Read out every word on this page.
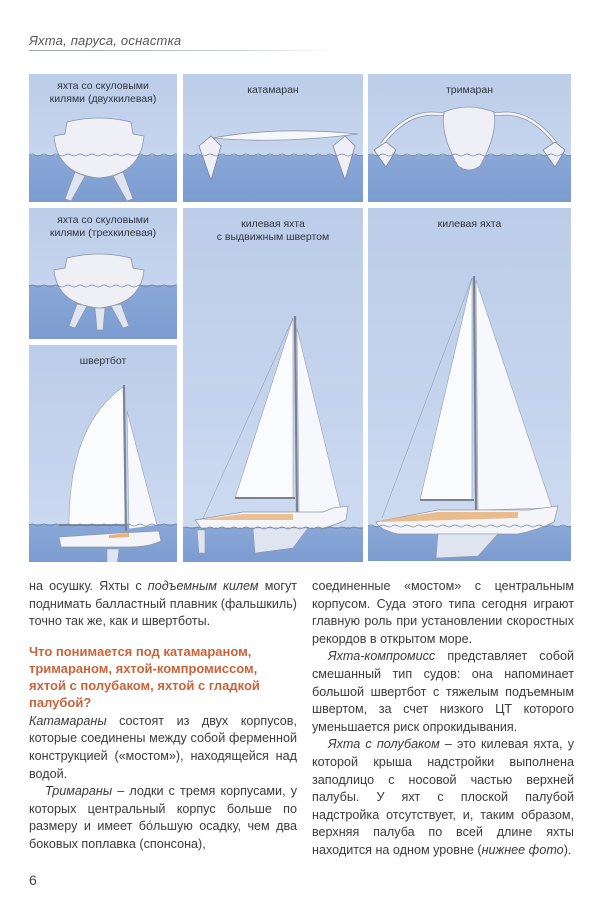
Яхта, паруса, оснастка
яхта со скуловыми
килями (двухкилевая)
катамаран	тримаран
яхта со скуловыми
килями (трехкилевая)
килевая яхта
с выдвижным швертом
килевая яхта
швертбот

на осушку. Яхты с подъемным килем могут поднимать балластный плавник (фальшкиль) точно так же, как и швертботы.

Что понимается под катамараном, тримараном, яхтой-компромиссом, яхтой с полубаком, яхтой с гладкой палубой?

Катамараны состоят из двух корпусов, которые соединены между собой ферменной конструкцией («мостом»), находящейся над водой.

Тримараны – лодки с тремя корпусами, у которых центральный корпус больше по размеру и имеет бóльшую осадку, чем два боковых поплавка (спонсона),

соединенные «мостом» с центральным корпусом. Суда этого типа сегодня играют главную роль при установлении скоростных рекордов в открытом море.

Яхта-компромисс представляет собой смешанный тип судов: она напоминает большой швертбот с тяжелым подъемным швертом, за счет низкого ЦТ которого уменьшается риск опрокидывания.

Яхта с полубаком – это килевая яхта, у которой крыша надстройки выполнена заподлицо с носовой частью верхней палубы. У яхт с плоской палубой надстройка отсутствует, и, таким образом, верхняя палуба по всей длине яхты находится на одном уровне (нижнее фото).

6
